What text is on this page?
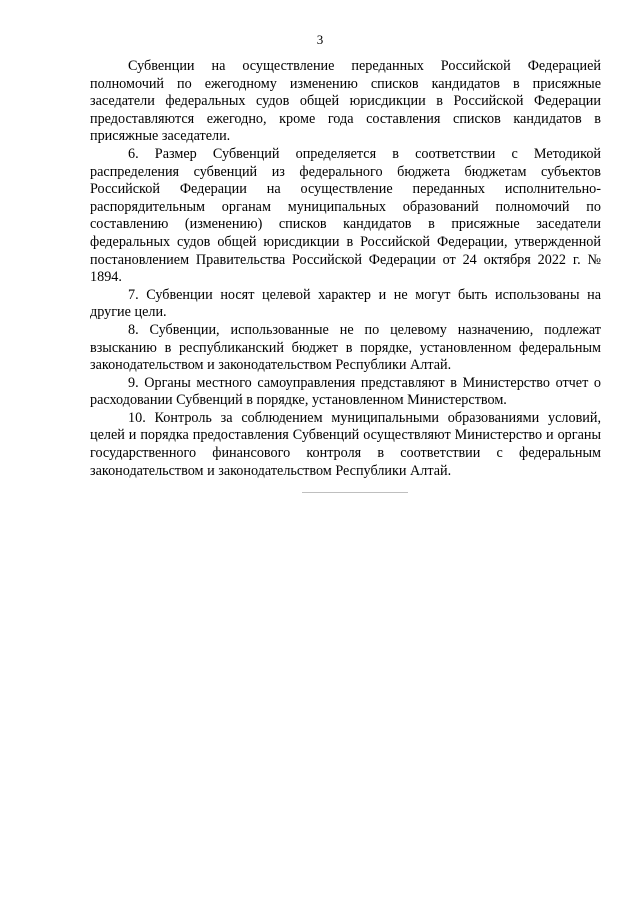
3

Субвенции на осуществление переданных Российской Федерацией полномочий по ежегодному изменению списков кандидатов в присяжные заседатели федеральных судов общей юрисдикции в Российской Федерации предоставляются ежегодно, кроме года составления списков кандидатов в присяжные заседатели.

6. Размер Субвенций определяется в соответствии с Методикой распределения субвенций из федерального бюджета бюджетам субъектов Российской Федерации на осуществление переданных исполнительно-распорядительным органам муниципальных образований полномочий по составлению (изменению) списков кандидатов в присяжные заседатели федеральных судов общей юрисдикции в Российской Федерации, утвержденной постановлением Правительства Российской Федерации от 24 октября 2022 г. № 1894.

7. Субвенции носят целевой характер и не могут быть использованы на другие цели.

8. Субвенции, использованные не по целевому назначению, подлежат взысканию в республиканский бюджет в порядке, установленном федеральным законодательством и законодательством Республики Алтай.

9. Органы местного самоуправления представляют в Министерство отчет о расходовании Субвенций в порядке, установленном Министерством.

10. Контроль за соблюдением муниципальными образованиями условий, целей и порядка предоставления Субвенций осуществляют Министерство и органы государственного финансового контроля в соответствии с федеральным законодательством и законодательством Республики Алтай.
